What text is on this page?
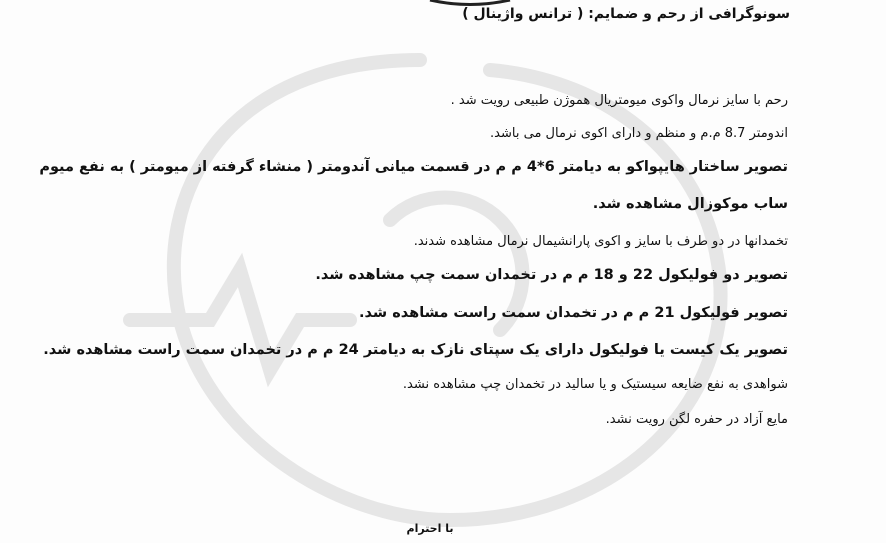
سونوگرافی از رحم و ضمایم: ( ترانس واژینال )
رحم با سایز نرمال واکوی میومتریال هموژن طبیعی رویت شد .
اندومتر 8.7 م.م و منظم و دارای اکوی نرمال می باشد.
تصویر ساختار هایپواکو به دیامتر 6*4 م م در قسمت میانی آندومتر ( منشاء گرفته از میومتر ) به نفع میوم
ساب موکوزال مشاهده شد.
تخمدانها در دو طرف با سایز و اکوی پارانشیمال نرمال مشاهده شدند.
تصویر دو فولیکول 22 و 18 م م در تخمدان سمت چپ مشاهده شد.
تصویر فولیکول 21 م م در تخمدان سمت راست مشاهده شد.
تصویر یک کیست یا فولیکول دارای یک سپتای نازک به دیامتر 24 م م در تخمدان سمت راست مشاهده شد.
شواهدی به نفع ضایعه سیستیک و یا سالید در تخمدان چپ مشاهده نشد.
مایع آزاد در حفره لگن رویت نشد.
با احترام
